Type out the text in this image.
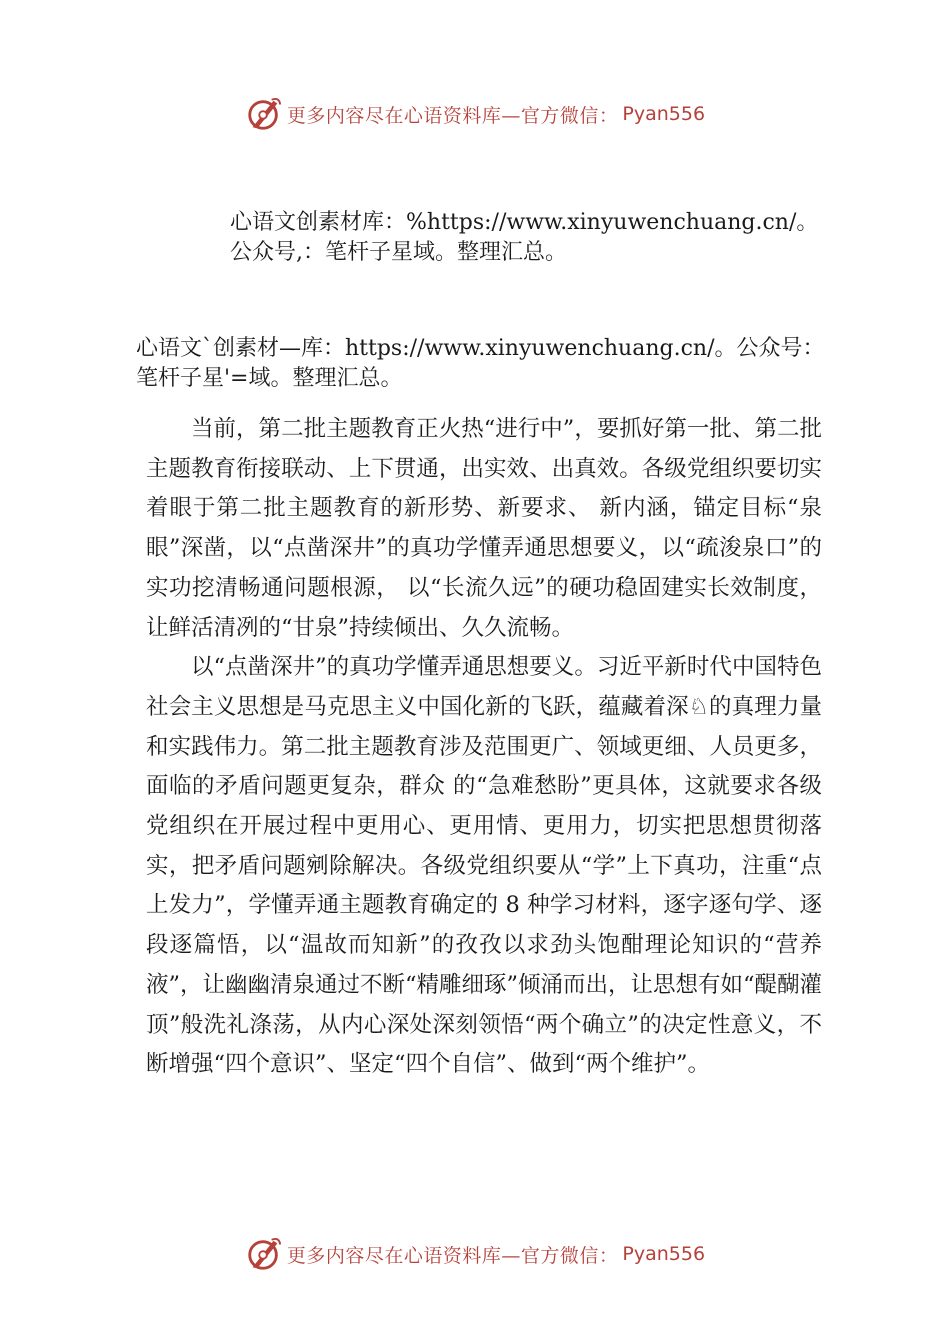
更多内容尽在心语资料库—官方微信： Pyan556
心语文创素材库：%https://www.xinyuwenchuang.cn/。公众号,：笔杆子星域。整理汇总。
心语文`创素材—库：https://www.xinyuwenchuang.cn/。公众号：笔杆子星'=域。整理汇总。

当前，第二批主题教育正火热“进行中”，要抓好第一批、第二批主题教育衔接联动、上下贯通，出实效、出真效。各级党组织要切实着眼于第二批主题教育的新形势、新要求、 新内涵，锚定目标“泉眼”深凿，以“点凿深井”的真功学懂弄通思想要义，以“疏浚泉口”的实功挖清畅通问题根源， 以“长流久远”的硬功稳固建实长效制度，让鲜活清冽的“甘泉”持续倾出、久久流畅。

以“点凿深井”的真功学懂弄通思想要义。习近平新时代中国特色社会主义思想是马克思主义中国化新的飞跃，蕴藏着深♘的真理力量和实践伟力。第二批主题教育涉及范围更广、领域更细、人员更多，面临的矛盾问题更复杂，群众 的“急难愁盼”更具体，这就要求各级党组织在开展过程中更用心、更用情、更用力，切实把思想贯彻落实，把矛盾问题剜除解决。各级党组织要从“学”上下真功，注重“点上发力”，学懂弄通主题教育确定的 8 种学习材料，逐字逐句学、逐段逐篇悟，以“温故而知新”的孜孜以求劲头饱酣理论知识的“营养液”，让幽幽清泉通过不断“精雕细琢”倾涌而出，让思想有如“醍醐灌顶”般洗礼涤荡，从内心深处深刻领悟“两个确立”的决定性意义，不断增强“四个意识”、坚定“四个自信”、做到“两个维护”。

更多内容尽在心语资料库—官方微信： Pyan556
